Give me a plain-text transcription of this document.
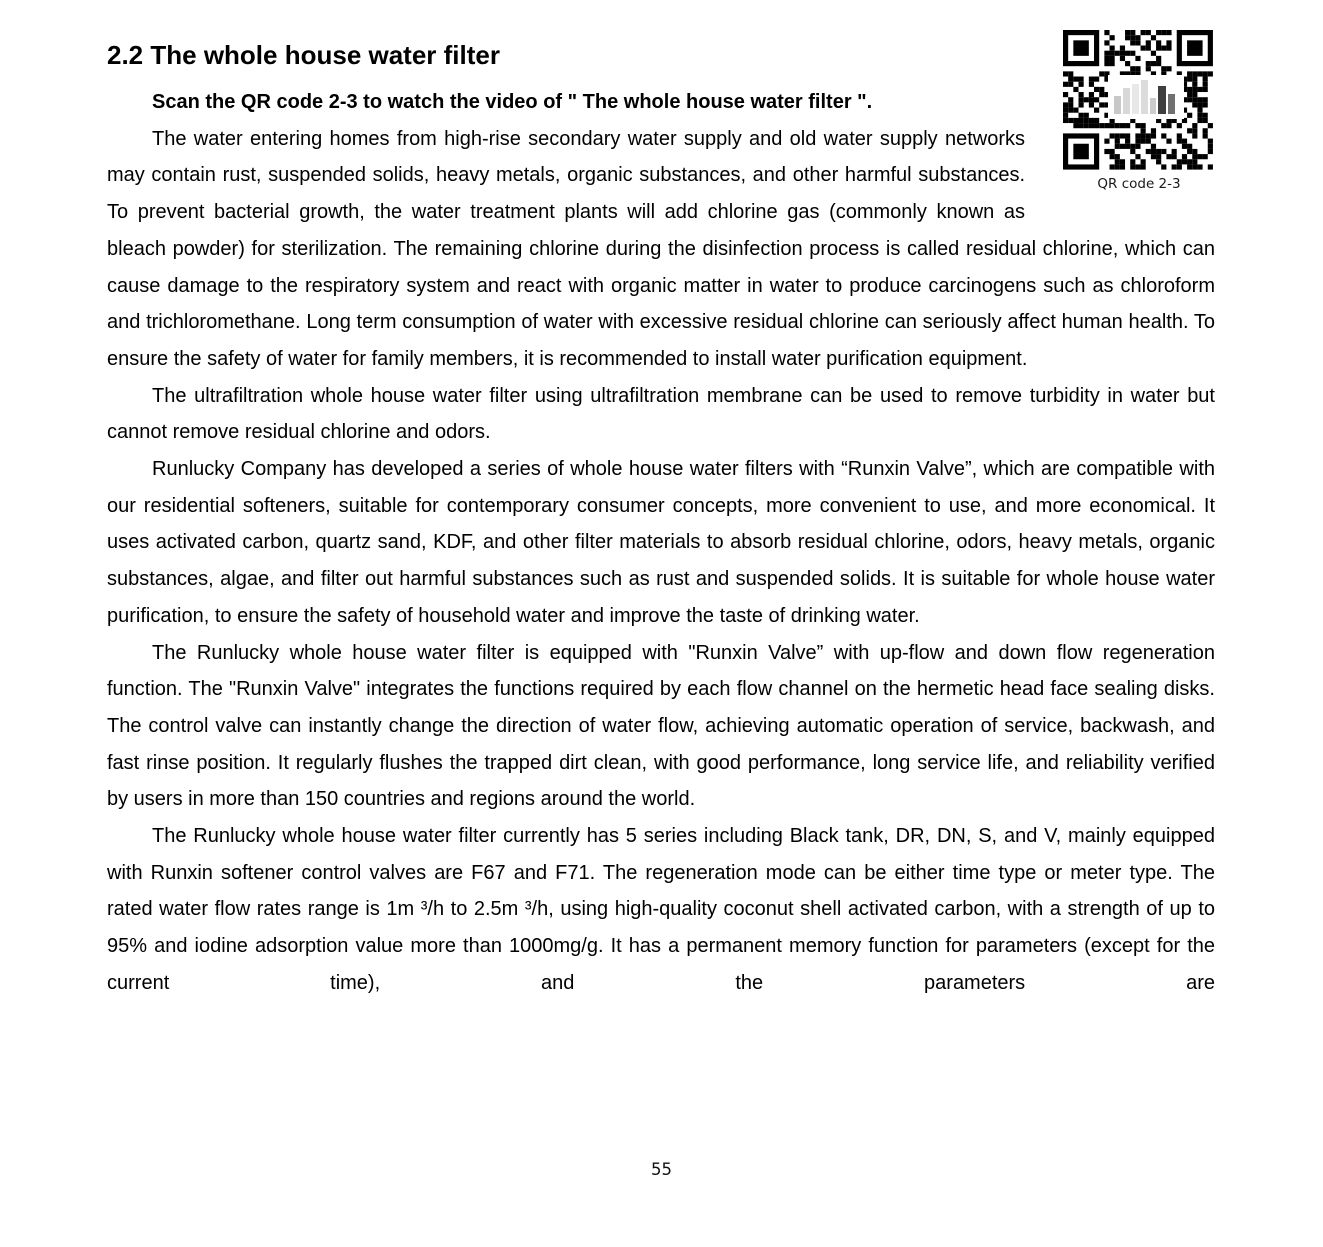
QR code 2-3
2.2 The whole house water filter

Scan the QR code 2-3 to watch the video of " The whole house water filter ".

The water entering homes from high-rise secondary water supply and old water supply networks may contain rust, suspended solids, heavy metals, organic substances, and other harmful substances. To prevent bacterial growth, the water treatment plants will add chlorine gas (commonly known as bleach powder) for sterilization. The remaining chlorine during the disinfection process is called residual chlorine, which can cause damage to the respiratory system and react with organic matter in water to produce carcinogens such as chloroform and trichloromethane. Long term consumption of water with excessive residual chlorine can seriously affect human health. To ensure the safety of water for family members, it is recommended to install water purification equipment.

The ultrafiltration whole house water filter using ultrafiltration membrane can be used to remove turbidity in water but cannot remove residual chlorine and odors.

Runlucky Company has developed a series of whole house water filters with “Runxin Valve”, which are compatible with our residential softeners, suitable for contemporary consumer concepts, more convenient to use, and more economical. It uses activated carbon, quartz sand, KDF, and other filter materials to absorb residual chlorine, odors, heavy metals, organic substances, algae, and filter out harmful substances such as rust and suspended solids. It is suitable for whole house water purification, to ensure the safety of household water and improve the taste of drinking water.

The Runlucky whole house water filter is equipped with "Runxin Valve” with up-flow and down flow regeneration function. The "Runxin Valve" integrates the functions required by each flow channel on the hermetic head face sealing disks. The control valve can instantly change the direction of water flow, achieving automatic operation of service, backwash, and fast rinse position. It regularly flushes the trapped dirt clean, with good performance, long service life, and reliability verified by users in more than 150 countries and regions around the world.

The Runlucky whole house water filter currently has 5 series including Black tank, DR, DN, S, and V, mainly equipped with Runxin softener control valves are F67 and F71. The regeneration mode can be either time type or meter type. The rated water flow rates range is 1m ³/h to 2.5m ³/h, using high-quality coconut shell activated carbon, with a strength of up to 95% and iodine adsorption value more than 1000mg/g. It has a permanent memory function for parameters (except for the current time), and the parameters are

55
